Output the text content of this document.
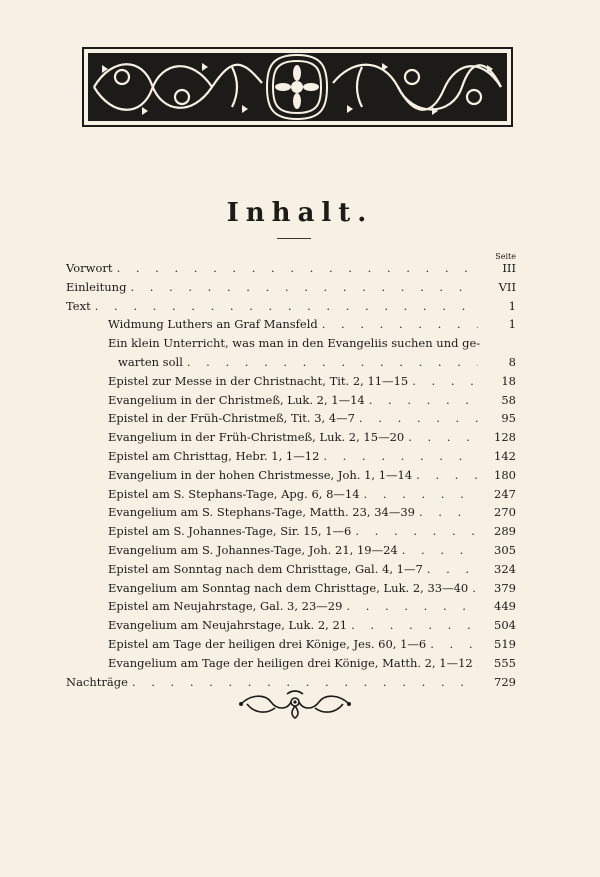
Inhalt.
Seite
Vorwort . . .	III
Einleitung . . .	VII
Text . . .	1
Widmung Luthers an Graf Mansfeld . . .	1
Ein klein Unterricht, was man in den Evangeliis suchen und ge-
warten soll . . .	8
Epistel zur Messe in der Christnacht, Tit. 2, 11—15 . . .	18
Evangelium in der Christmeß, Luk. 2, 1—14 . . .	58
Epistel in der Früh-Christmeß, Tit. 3, 4—7 . . .	95
Evangelium in der Früh-Christmeß, Luk. 2, 15—20 . . .	128
Epistel am Christtag, Hebr. 1, 1—12 . . .	142
Evangelium in der hohen Christmesse, Joh. 1, 1—14 . . .	180
Epistel am S. Stephans-Tage, Apg. 6, 8—14 . . .	247
Evangelium am S. Stephans-Tage, Matth. 23, 34—39 . . .	270
Epistel am S. Johannes-Tage, Sir. 15, 1—6 . . .	289
Evangelium am S. Johannes-Tage, Joh. 21, 19—24 . . .	305
Epistel am Sonntag nach dem Christtage, Gal. 4, 1—7 . . .	324
Evangelium am Sonntag nach dem Christtage, Luk. 2, 33—40 . . .	379
Epistel am Neujahrstage, Gal. 3, 23—29 . . .	449
Evangelium am Neujahrstage, Luk. 2, 21 . . .	504
Epistel am Tage der heiligen drei Könige, Jes. 60, 1—6 . . .	519
Evangelium am Tage der heiligen drei Könige, Matth. 2, 1—12 . . .	555
Nachträge . . .	729
